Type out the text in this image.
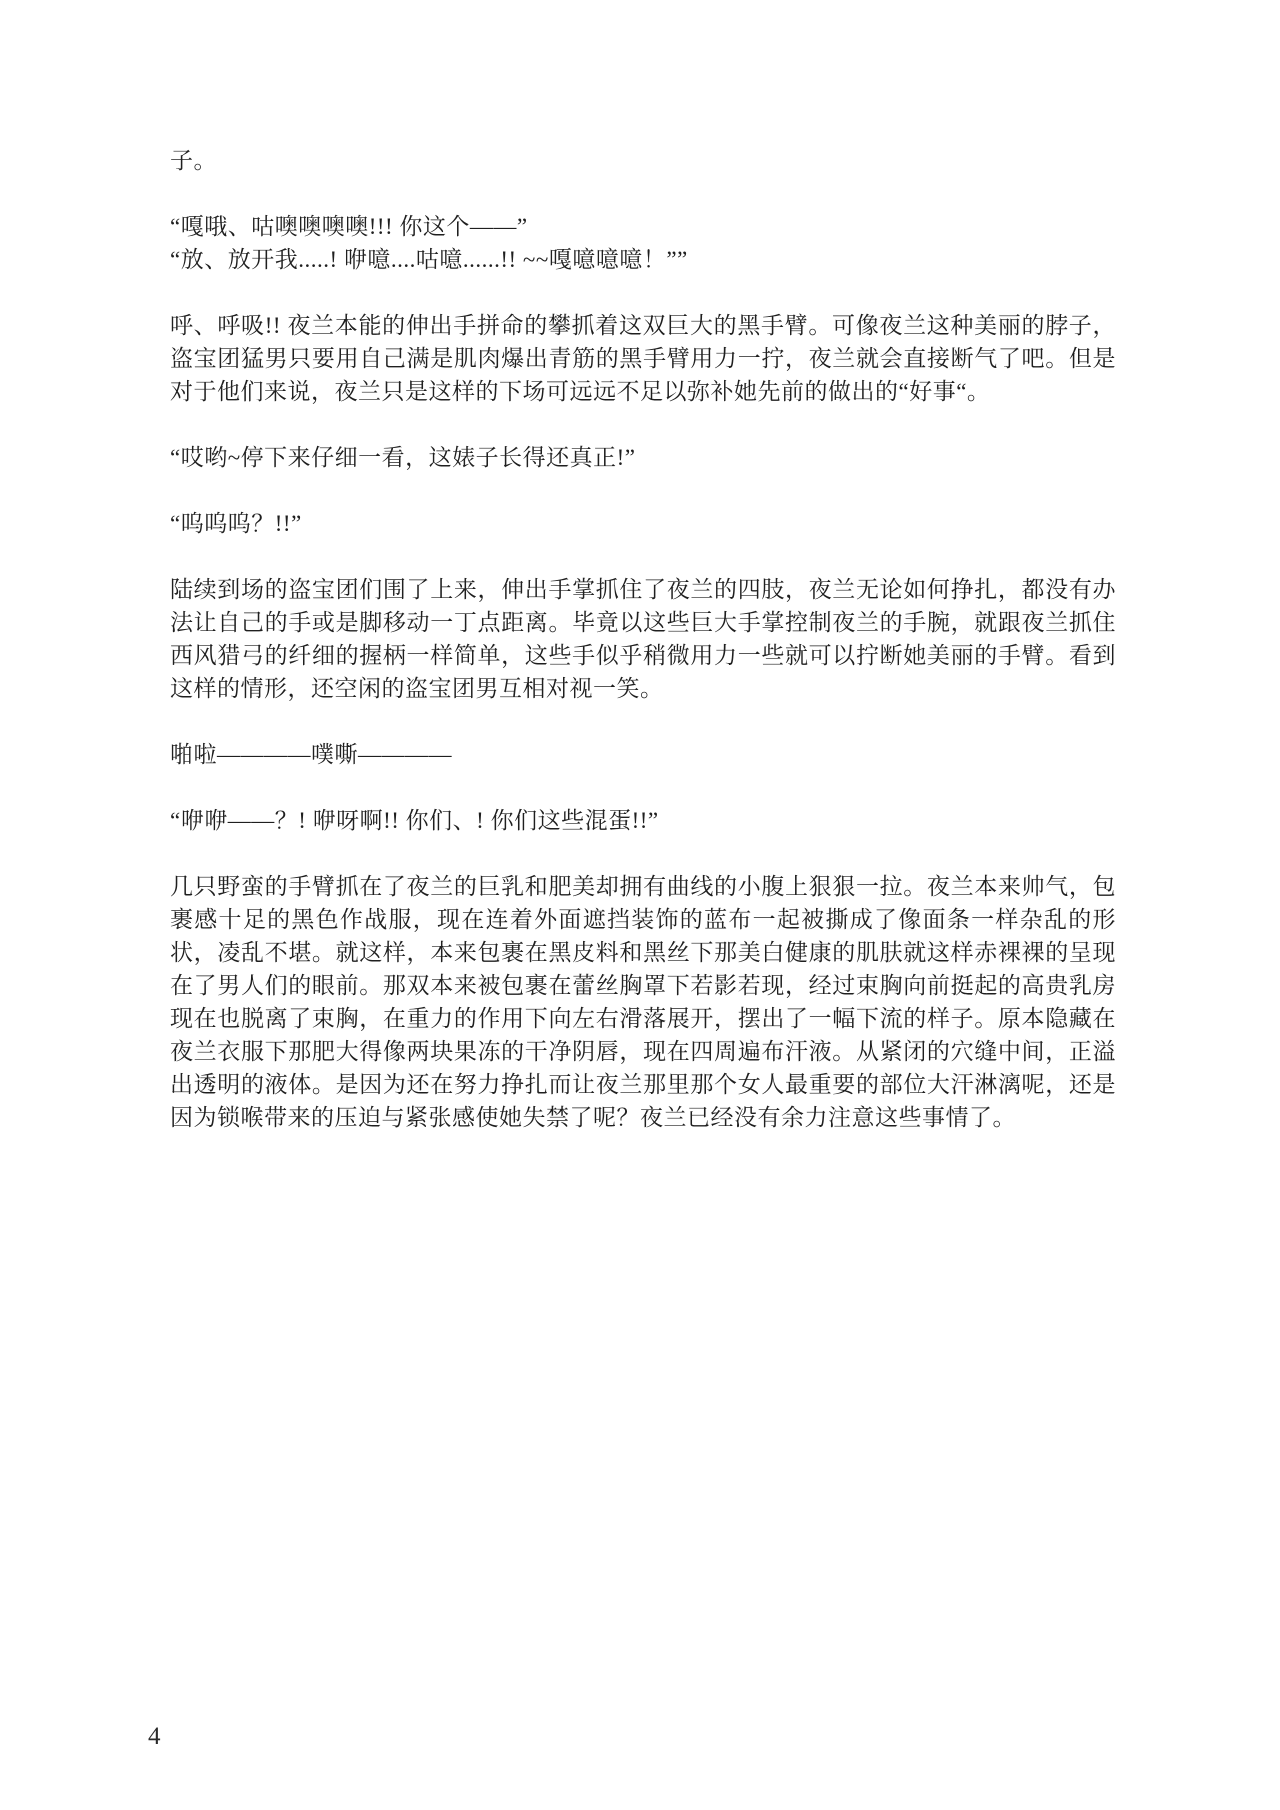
子。

“嘎哦、咕噢噢噢噢!!! 你这个——”

“放、放开我.....! 咿噫....咕噫......!! ~~嘎噫噫噫！””

呼、呼吸!! 夜兰本能的伸出手拼命的攀抓着这双巨大的黑手臂。可像夜兰这种美丽的脖子，盗宝团猛男只要用自己满是肌肉爆出青筋的黑手臂用力一拧，夜兰就会直接断气了吧。但是对于他们来说，夜兰只是这样的下场可远远不足以弥补她先前的做出的“好事“。

“哎哟~停下来仔细一看，这婊子长得还真正!”

“呜呜呜？!!”

陆续到场的盗宝团们围了上来，伸出手掌抓住了夜兰的四肢，夜兰无论如何挣扎，都没有办法让自己的手或是脚移动一丁点距离。毕竟以这些巨大手掌控制夜兰的手腕，就跟夜兰抓住西风猎弓的纤细的握柄一样简单，这些手似乎稍微用力一些就可以拧断她美丽的手臂。看到这样的情形，还空闲的盗宝团男互相对视一笑。

啪啦————噗嘶————

“咿咿——？! 咿呀啊!! 你们、! 你们这些混蛋!!”

几只野蛮的手臂抓在了夜兰的巨乳和肥美却拥有曲线的小腹上狠狠一拉。夜兰本来帅气，包裹感十足的黑色作战服，现在连着外面遮挡装饰的蓝布一起被撕成了像面条一样杂乱的形状，凌乱不堪。就这样，本来包裹在黑皮料和黑丝下那美白健康的肌肤就这样赤裸裸的呈现在了男人们的眼前。那双本来被包裹在蕾丝胸罩下若影若现，经过束胸向前挺起的高贵乳房现在也脱离了束胸，在重力的作用下向左右滑落展开，摆出了一幅下流的样子。原本隐藏在夜兰衣服下那肥大得像两块果冻的干净阴唇，现在四周遍布汗液。从紧闭的穴缝中间，正溢出透明的液体。是因为还在努力挣扎而让夜兰那里那个女人最重要的部位大汗淋漓呢，还是因为锁喉带来的压迫与紧张感使她失禁了呢？夜兰已经没有余力注意这些事情了。

4
